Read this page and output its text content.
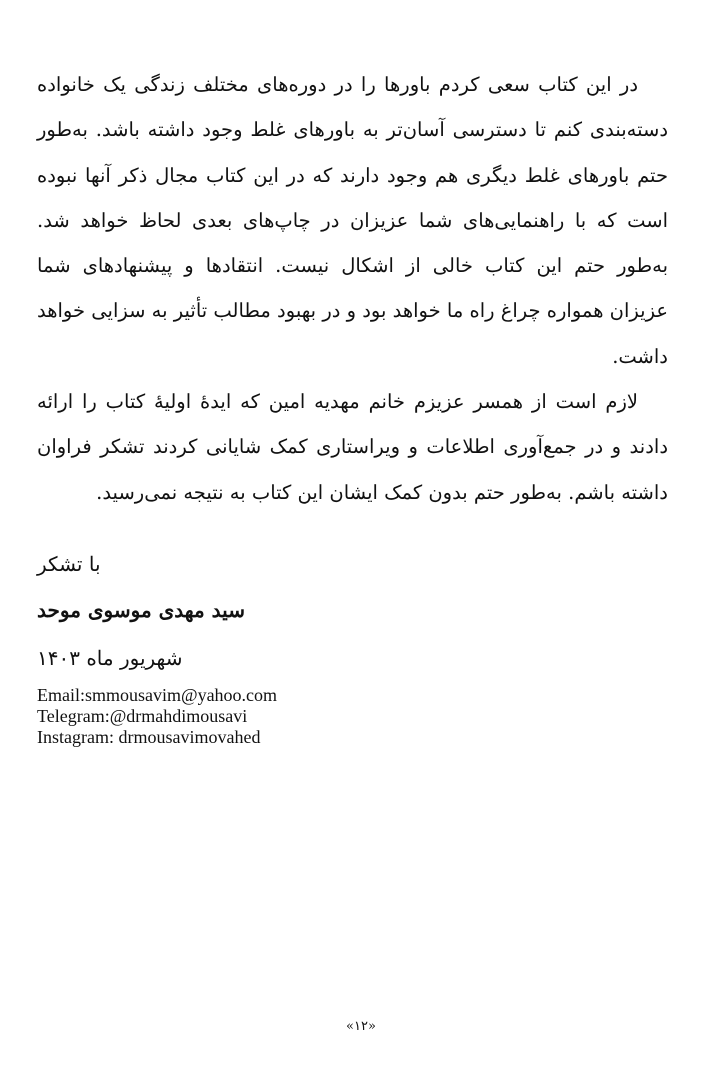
در این کتاب سعی کردم باورها را در دوره‌های مختلف زندگی یک خانواده دسته‌بندی کنم تا دسترسی آسان‌تر به باورهای غلط وجود داشته باشد. به‌طور حتم باورهای غلط دیگری هم وجود دارند که در این کتاب مجال ذکر آنها نبوده است که با راهنمایی‌های شما عزیزان در چاپ‌های بعدی لحاظ خواهد شد. به‌طور حتم این کتاب خالی از اشکال نیست. انتقادها و پیشنهادهای شما عزیزان همواره چراغ راه ما خواهد بود و در بهبود مطالب تأثیر به سزایی خواهد داشت.

لازم است از همسر عزیزم خانم مهدیه امین که ایدهٔ اولیهٔ کتاب را ارائه دادند و در جمع‌آوری اطلاعات و ویراستاری کمک شایانی کردند تشکر فراوان داشته باشم. به‌طور حتم بدون کمک ایشان این کتاب به نتیجه نمی‌رسید.

با تشکر
سید مهدی موسوی موحد
شهریور ماه ۱۴۰۳
Email:smmousavim@yahoo.com
Telegram:@drmahdimousavi
Instagram: drmousavimovahed
«۱۲»
